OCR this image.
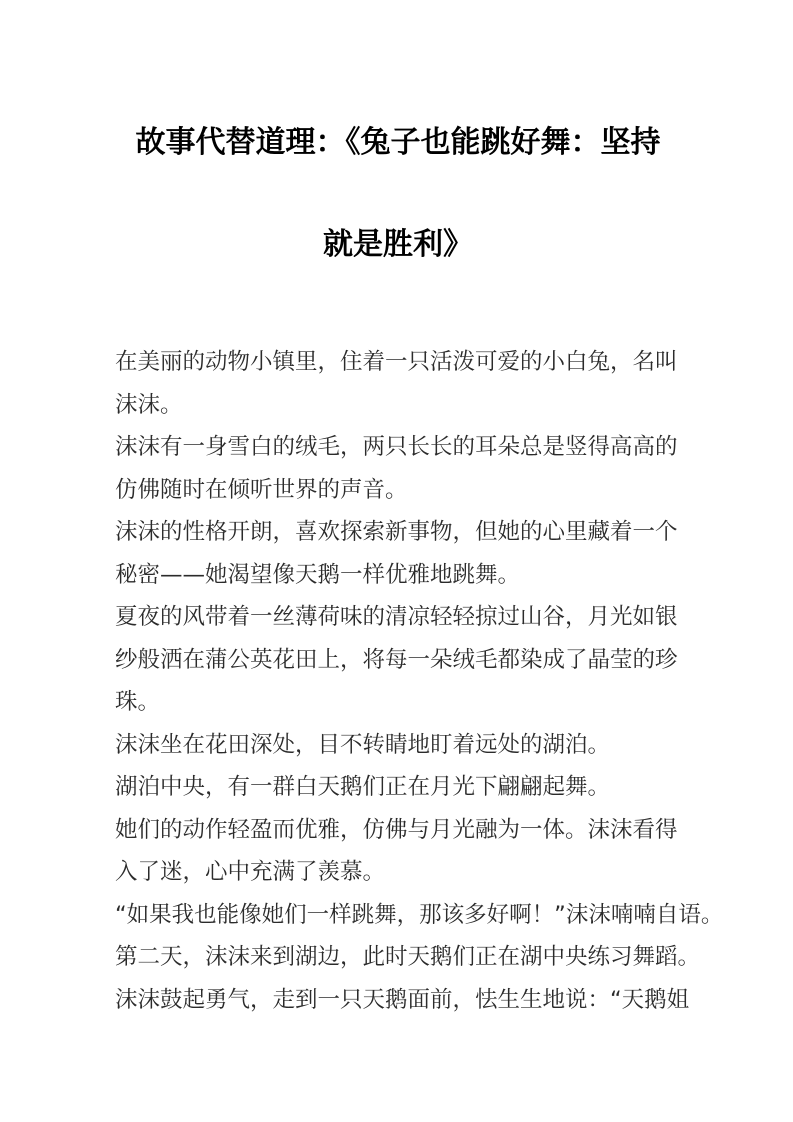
故事代替道理：《兔子也能跳好舞：坚持
就是胜利》
在美丽的动物小镇里，住着一只活泼可爱的小白兔，名叫
沫沫。
沫沫有一身雪白的绒毛，两只长长的耳朵总是竖得高高的
仿佛随时在倾听世界的声音。
沫沫的性格开朗，喜欢探索新事物，但她的心里藏着一个
秘密——她渴望像天鹅一样优雅地跳舞。
夏夜的风带着一丝薄荷味的清凉轻轻掠过山谷，月光如银
纱般洒在蒲公英花田上，将每一朵绒毛都染成了晶莹的珍
珠。
沫沫坐在花田深处，目不转睛地盯着远处的湖泊。
湖泊中央，有一群白天鹅们正在月光下翩翩起舞。
她们的动作轻盈而优雅，仿佛与月光融为一体。沫沫看得
入了迷，心中充满了羡慕。
“如果我也能像她们一样跳舞，那该多好啊！”沫沫喃喃自语。
第二天，沫沫来到湖边，此时天鹅们正在湖中央练习舞蹈。
沫沫鼓起勇气，走到一只天鹅面前，怯生生地说：“天鹅姐
